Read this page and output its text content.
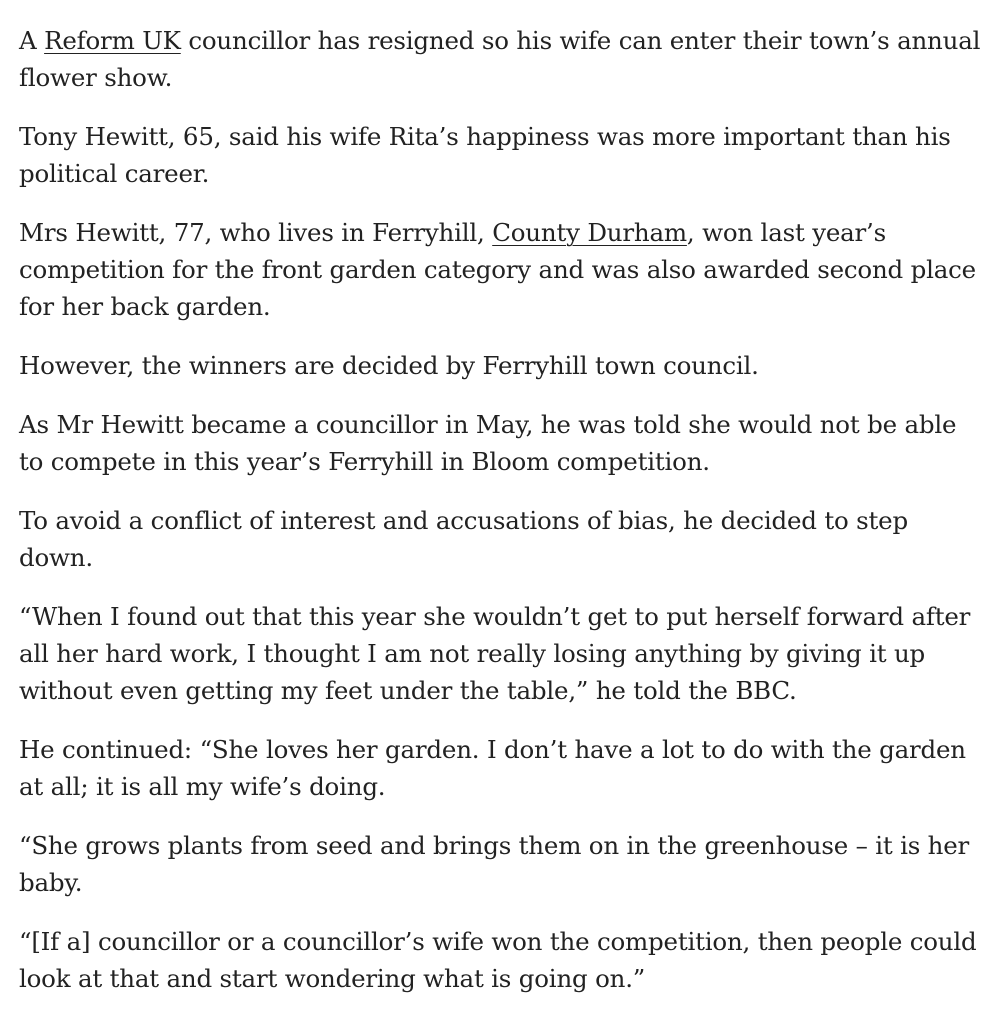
A Reform UK councillor has resigned so his wife can enter their town’s annual flower show.

Tony Hewitt, 65, said his wife Rita’s happiness was more important than his political career.

Mrs Hewitt, 77, who lives in Ferryhill, County Durham, won last year’s competition for the front garden category and was also awarded second place for her back garden.

However, the winners are decided by Ferryhill town council.

As Mr Hewitt became a councillor in May, he was told she would not be able to compete in this year’s Ferryhill in Bloom competition.

To avoid a conflict of interest and accusations of bias, he decided to step down.

“When I found out that this year she wouldn’t get to put herself forward after all her hard work, I thought I am not really losing anything by giving it up without even getting my feet under the table,” he told the BBC.

He continued: “She loves her garden. I don’t have a lot to do with the garden at all; it is all my wife’s doing.

“She grows plants from seed and brings them on in the greenhouse – it is her baby.

“[If a] councillor or a councillor’s wife won the competition, then people could look at that and start wondering what is going on.”
